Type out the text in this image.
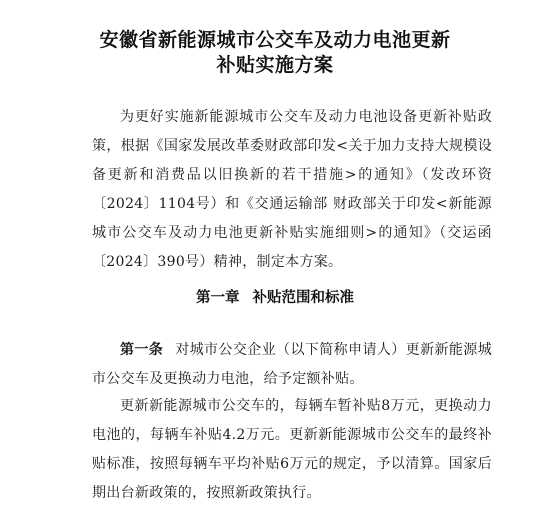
安徽省新能源城市公交车及动力电池更新
补贴实施方案

为更好实施新能源城市公交车及动力电池设备更新补贴政策，根据《国家发展改革委财政部印发<关于加力支持大规模设备更新和消费品以旧换新的若干措施>的通知》（发改环资〔2024〕1104号）和《交通运输部 财政部关于印发<新能源城市公交车及动力电池更新补贴实施细则>的通知》（交运函〔2024〕390号）精神，制定本方案。

第一章 补贴范围和标准

第一条 对城市公交企业（以下简称申请人）更新新能源城市公交车及更换动力电池，给予定额补贴。

更新新能源城市公交车的，每辆车暂补贴8万元，更换动力电池的，每辆车补贴4.2万元。更新新能源城市公交车的最终补贴标准，按照每辆车平均补贴6万元的规定，予以清算。国家后期出台新政策的，按照新政策执行。
